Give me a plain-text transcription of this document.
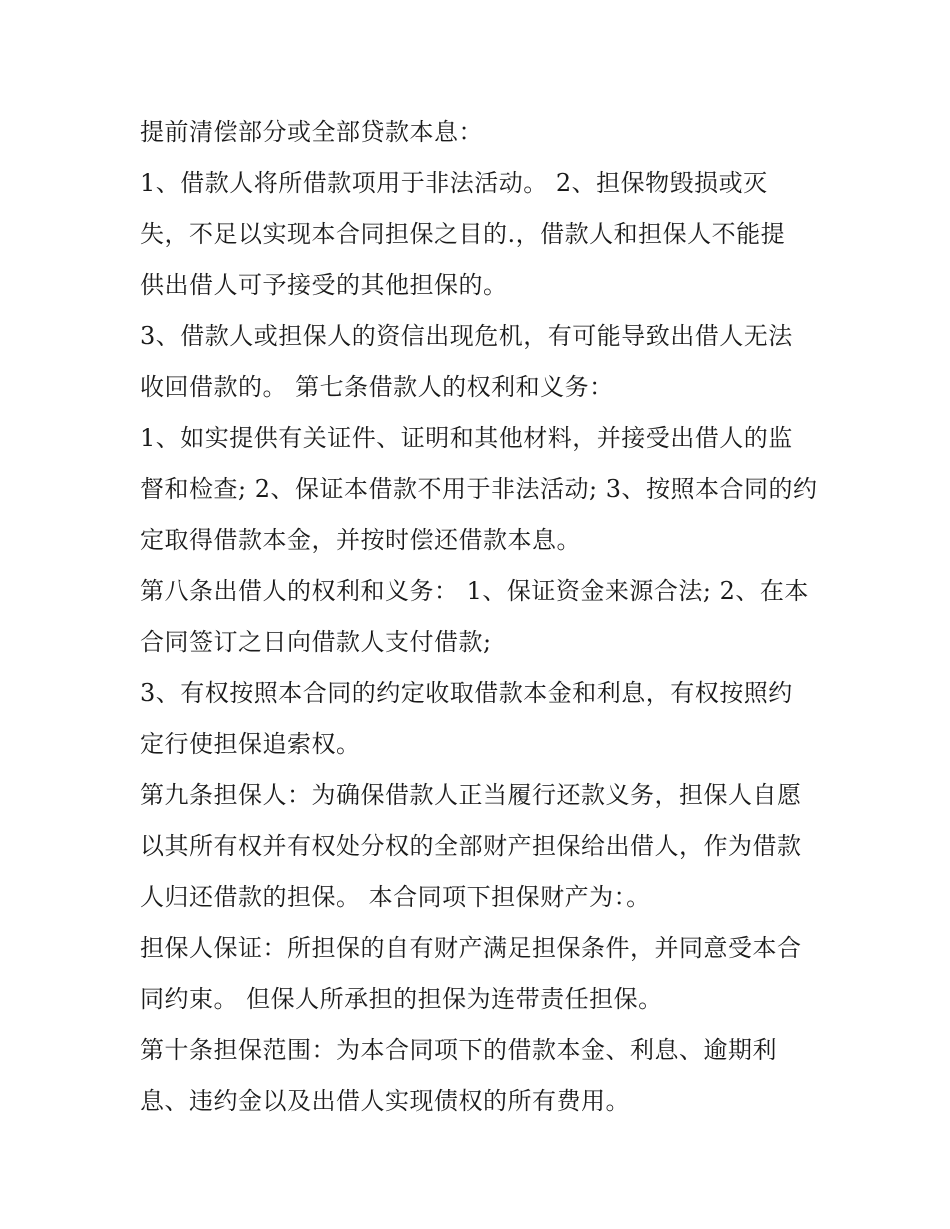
提前清偿部分或全部贷款本息：
1、借款人将所借款项用于非法活动。 2、担保物毁损或灭
失，不足以实现本合同担保之目的.，借款人和担保人不能提
供出借人可予接受的其他担保的。
3、借款人或担保人的资信出现危机，有可能导致出借人无法
收回借款的。 第七条借款人的权利和义务：
1、如实提供有关证件、证明和其他材料，并接受出借人的监
督和检查; 2、保证本借款不用于非法活动; 3、按照本合同的约
定取得借款本金，并按时偿还借款本息。
第八条出借人的权利和义务： 1、保证资金来源合法; 2、在本
合同签订之日向借款人支付借款;
3、有权按照本合同的约定收取借款本金和利息，有权按照约
定行使担保追索权。
第九条担保人：为确保借款人正当履行还款义务，担保人自愿
以其所有权并有权处分权的全部财产担保给出借人，作为借款
人归还借款的担保。 本合同项下担保财产为：。
担保人保证：所担保的自有财产满足担保条件，并同意受本合
同约束。 但保人所承担的担保为连带责任担保。
第十条担保范围：为本合同项下的借款本金、利息、逾期利
息、违约金以及出借人实现债权的所有费用。
